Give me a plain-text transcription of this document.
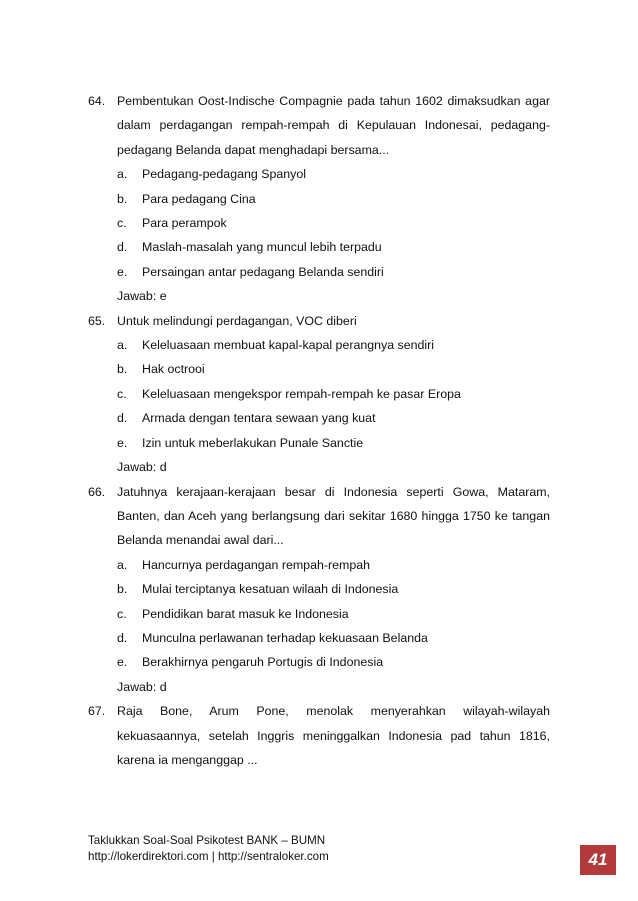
64. Pembentukan Oost-Indische Compagnie pada tahun 1602 dimaksudkan agar dalam perdagangan rempah-rempah di Kepulauan Indonesai, pedagang-pedagang Belanda dapat menghadapi bersama...
a.	Pedagang-pedagang Spanyol
b.	Para pedagang Cina
c.	Para perampok
d.	Maslah-masalah yang muncul lebih terpadu
e.	Persaingan antar pedagang Belanda sendiri
Jawab: e
65. Untuk melindungi perdagangan, VOC diberi
a.	Keleluasaan membuat kapal-kapal perangnya sendiri
b.	Hak octrooi
c.	Keleluasaan mengekspor rempah-rempah ke pasar Eropa
d.	Armada dengan tentara sewaan yang kuat
e.	Izin untuk meberlakukan Punale Sanctie
Jawab: d
66. Jatuhnya kerajaan-kerajaan besar di Indonesia seperti Gowa, Mataram, Banten, dan Aceh yang berlangsung dari sekitar 1680 hingga 1750 ke tangan Belanda menandai awal dari...
a.	Hancurnya perdagangan rempah-rempah
b.	Mulai terciptanya kesatuan wilaah di Indonesia
c.	Pendidikan barat masuk ke Indonesia
d.	Munculna perlawanan terhadap kekuasaan Belanda
e.	Berakhirnya pengaruh Portugis di Indonesia
Jawab: d
67. Raja Bone, Arum Pone, menolak menyerahkan wilayah-wilayah kekuasaannya, setelah Inggris meninggalkan Indonesia pad tahun 1816, karena ia menganggap ...
Taklukkan Soal-Soal Psikotest BANK – BUMN
http://lokerdirektori.com | http://sentraloker.com	41
